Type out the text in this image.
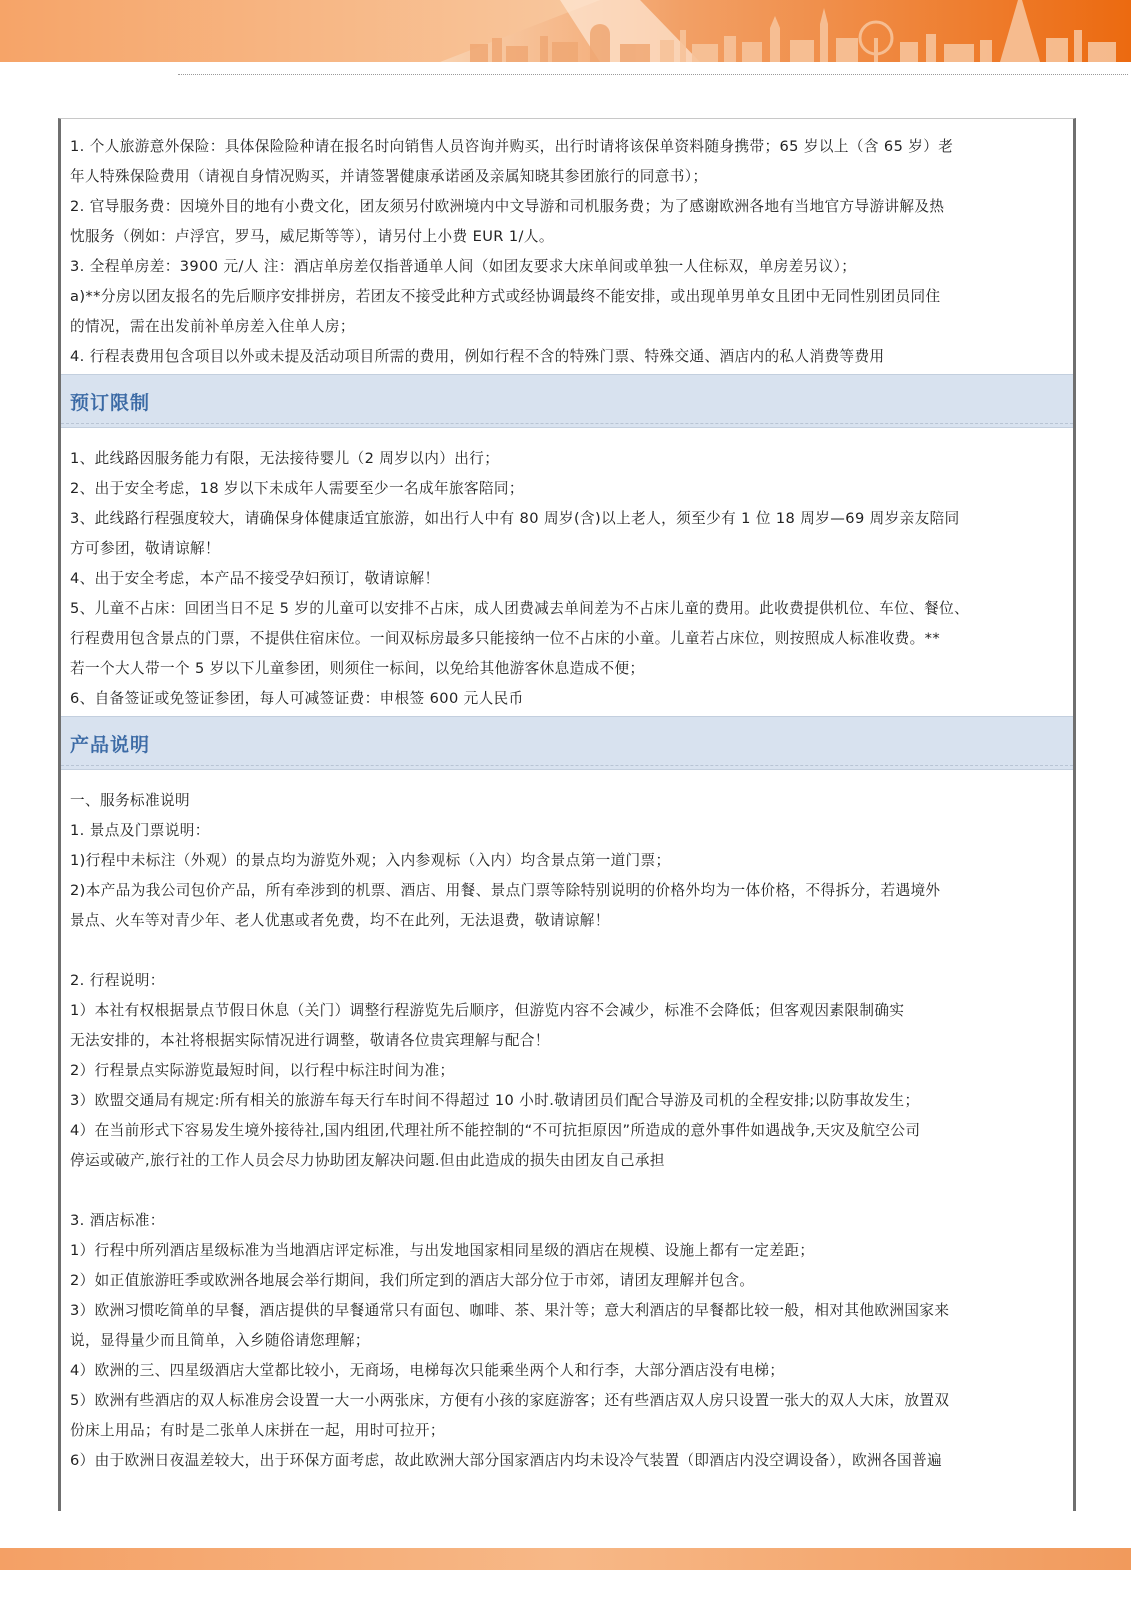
1. 个人旅游意外保险：具体保险险种请在报名时向销售人员咨询并购买，出行时请将该保单资料随身携带；65 岁以上（含 65 岁）老
年人特殊保险费用（请视自身情况购买，并请签署健康承诺函及亲属知晓其参团旅行的同意书）；
2. 官导服务费：因境外目的地有小费文化，团友须另付欧洲境内中文导游和司机服务费；为了感谢欧洲各地有当地官方导游讲解及热
忱服务（例如：卢浮宫，罗马，威尼斯等等），请另付上小费 EUR 1/人。
3. 全程单房差：3900 元/人 注：酒店单房差仅指普通单人间（如团友要求大床单间或单独一人住标双，单房差另议）；
a)**分房以团友报名的先后顺序安排拼房，若团友不接受此种方式或经协调最终不能安排，或出现单男单女且团中无同性别团员同住
的情况，需在出发前补单房差入住单人房；
4. 行程表费用包含项目以外或未提及活动项目所需的费用，例如行程不含的特殊门票、特殊交通、酒店内的私人消费等费用
预订限制
1、此线路因服务能力有限，无法接待婴儿（2 周岁以内）出行；
2、出于安全考虑，18 岁以下未成年人需要至少一名成年旅客陪同；
3、此线路行程强度较大，请确保身体健康适宜旅游，如出行人中有 80 周岁(含)以上老人，须至少有 1 位 18 周岁—69 周岁亲友陪同
方可参团，敬请谅解！
4、出于安全考虑，本产品不接受孕妇预订，敬请谅解！
5、儿童不占床：回团当日不足 5 岁的儿童可以安排不占床，成人团费减去单间差为不占床儿童的费用。此收费提供机位、车位、餐位、
行程费用包含景点的门票，不提供住宿床位。一间双标房最多只能接纳一位不占床的小童。儿童若占床位，则按照成人标准收费。**
若一个大人带一个 5 岁以下儿童参团，则须住一标间，以免给其他游客休息造成不便；
6、自备签证或免签证参团，每人可减签证费：申根签 600 元人民币
产品说明
一、服务标准说明
1. 景点及门票说明：
1)行程中未标注（外观）的景点均为游览外观；入内参观标（入内）均含景点第一道门票；
2)本产品为我公司包价产品，所有牵涉到的机票、酒店、用餐、景点门票等除特别说明的价格外均为一体价格，不得拆分，若遇境外
景点、火车等对青少年、老人优惠或者免费，均不在此列，无法退费，敬请谅解！
2. 行程说明：
1）本社有权根据景点节假日休息（关门）调整行程游览先后顺序，但游览内容不会减少，标准不会降低；但客观因素限制确实
无法安排的，本社将根据实际情况进行调整，敬请各位贵宾理解与配合！
2）行程景点实际游览最短时间，以行程中标注时间为准；
3）欧盟交通局有规定:所有相关的旅游车每天行车时间不得超过 10 小时.敬请团员们配合导游及司机的全程安排;以防事故发生；
4）在当前形式下容易发生境外接待社,国内组团,代理社所不能控制的“不可抗拒原因”所造成的意外事件如遇战争,天灾及航空公司
停运或破产,旅行社的工作人员会尽力协助团友解决问题.但由此造成的损失由团友自己承担
3. 酒店标准：
1）行程中所列酒店星级标准为当地酒店评定标准，与出发地国家相同星级的酒店在规模、设施上都有一定差距；
2）如正值旅游旺季或欧洲各地展会举行期间，我们所定到的酒店大部分位于市郊，请团友理解并包含。
3）欧洲习惯吃简单的早餐，酒店提供的早餐通常只有面包、咖啡、茶、果汁等；意大利酒店的早餐都比较一般，相对其他欧洲国家来
说，显得量少而且简单，入乡随俗请您理解；
4）欧洲的三、四星级酒店大堂都比较小，无商场，电梯每次只能乘坐两个人和行李，大部分酒店没有电梯；
5）欧洲有些酒店的双人标准房会设置一大一小两张床，方便有小孩的家庭游客；还有些酒店双人房只设置一张大的双人大床，放置双
份床上用品；有时是二张单人床拼在一起，用时可拉开；
6）由于欧洲日夜温差较大，出于环保方面考虑，故此欧洲大部分国家酒店内均未设冷气装置（即酒店内没空调设备），欧洲各国普遍
